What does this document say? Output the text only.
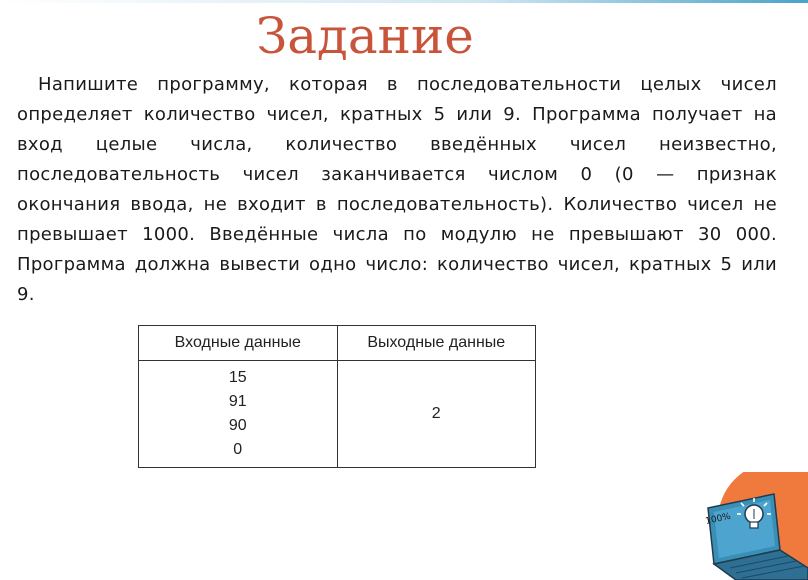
Задание

Напишите программу, которая в последовательности целых чисел определяет количество чисел, кратных 5 или 9. Программа получает на вход целые числа, количество введённых чисел неизвестно, последовательность чисел заканчивается числом 0 (0 — признак окончания ввода, не входит в последовательность). Количество чисел не превышает 1000. Введённые числа по модулю не превышают 30 000. Программа должна вывести одно число: количество чисел, кратных 5 или 9.

Входные данные	Выходные данные

15
91
90
0	2
100%
